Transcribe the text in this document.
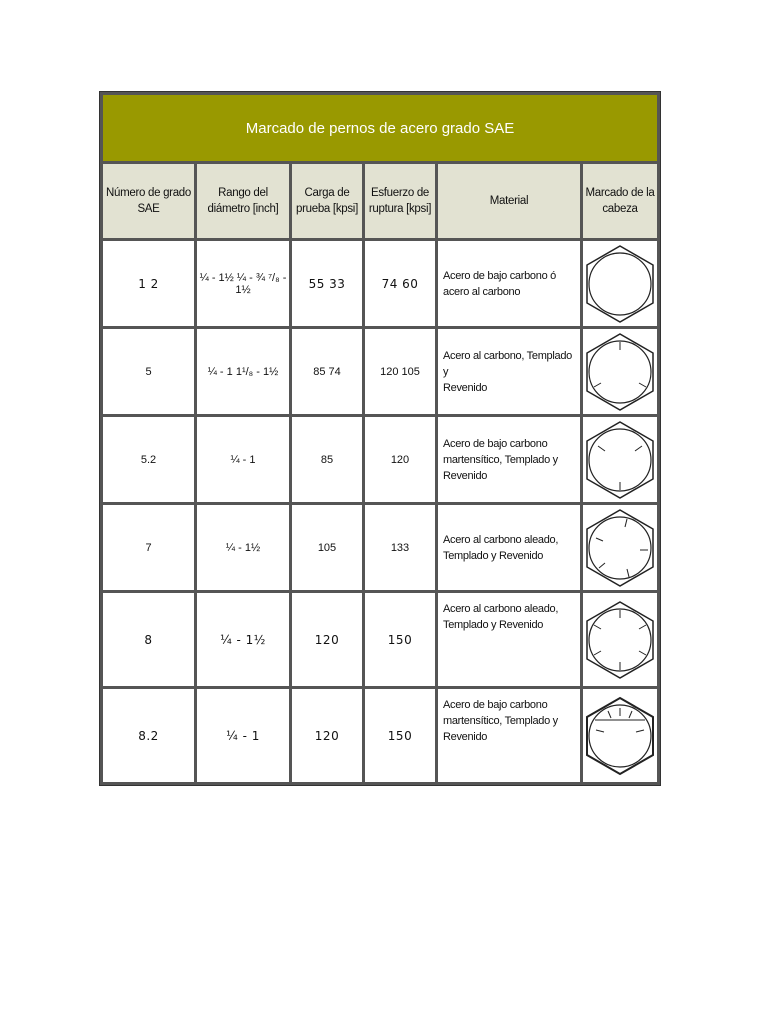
Marcado de pernos de acero grado SAE					
Número de grado SAE	Rango del diámetro [inch]	Carga de prueba [kpsi]	Esfuerzo de ruptura [kpsi]	Material	Marcado de la cabeza
1 2	¼ - 1½ ¼ - ¾ ⁷/₈ - 1½	55 33	74 60	Acero de bajo carbono ó
acero al carbono

5	¼ - 1 1¹/₈ - 1½	85 74	120 105	Acero al carbono, Templado
y
Revenido

5.2	¼ - 1	85	120	Acero de bajo carbono
martensítico, Templado y
Revenido

7	¼ - 1½	105	133	Acero al carbono aleado,
Templado y Revenido

8	¼ - 1½	120	150	Acero al carbono aleado,
Templado y Revenido

8.2	¼ - 1	120	150	Acero de bajo carbono
martensítico, Templado y
Revenido
